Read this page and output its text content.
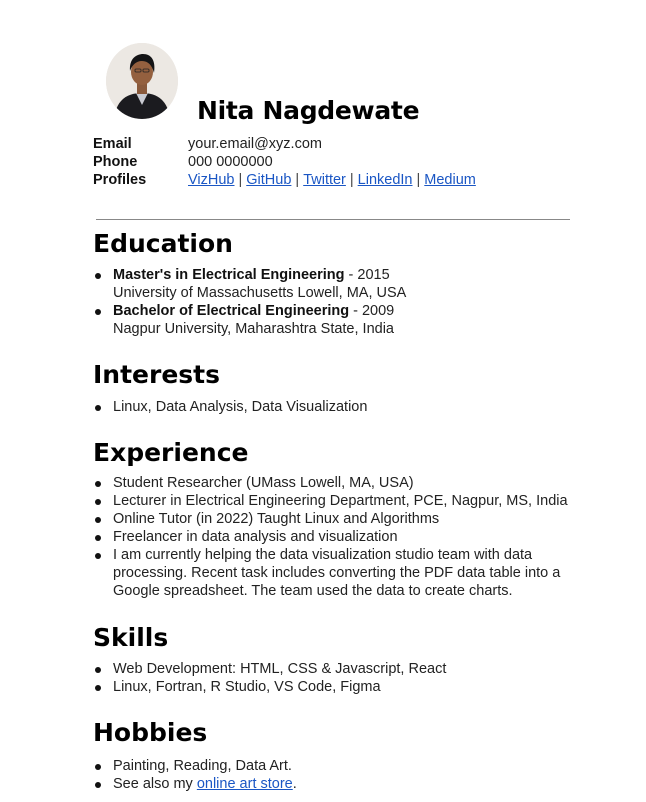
Nita Nagdewate
Email	your.email@xyz.com
Phone	000 0000000
Profiles	VizHub | GitHub | Twitter | LinkedIn | Medium
Education
Master's in Electrical Engineering - 2015
University of Massachusetts Lowell, MA, USA
Bachelor of Electrical Engineering - 2009
Nagpur University, Maharashtra State, India
Interests
Linux, Data Analysis, Data Visualization
Experience
Student Researcher (UMass Lowell, MA, USA)
Lecturer in Electrical Engineering Department, PCE, Nagpur, MS, India
Online Tutor (in 2022) Taught Linux and Algorithms
Freelancer in data analysis and visualization
I am currently helping the data visualization studio team with data processing. Recent task includes converting the PDF data table into a Google spreadsheet. The team used the data to create charts.
Skills
Web Development: HTML, CSS & Javascript, React
Linux, Fortran, R Studio, VS Code, Figma
Hobbies
Painting, Reading, Data Art.
See also my online art store.
